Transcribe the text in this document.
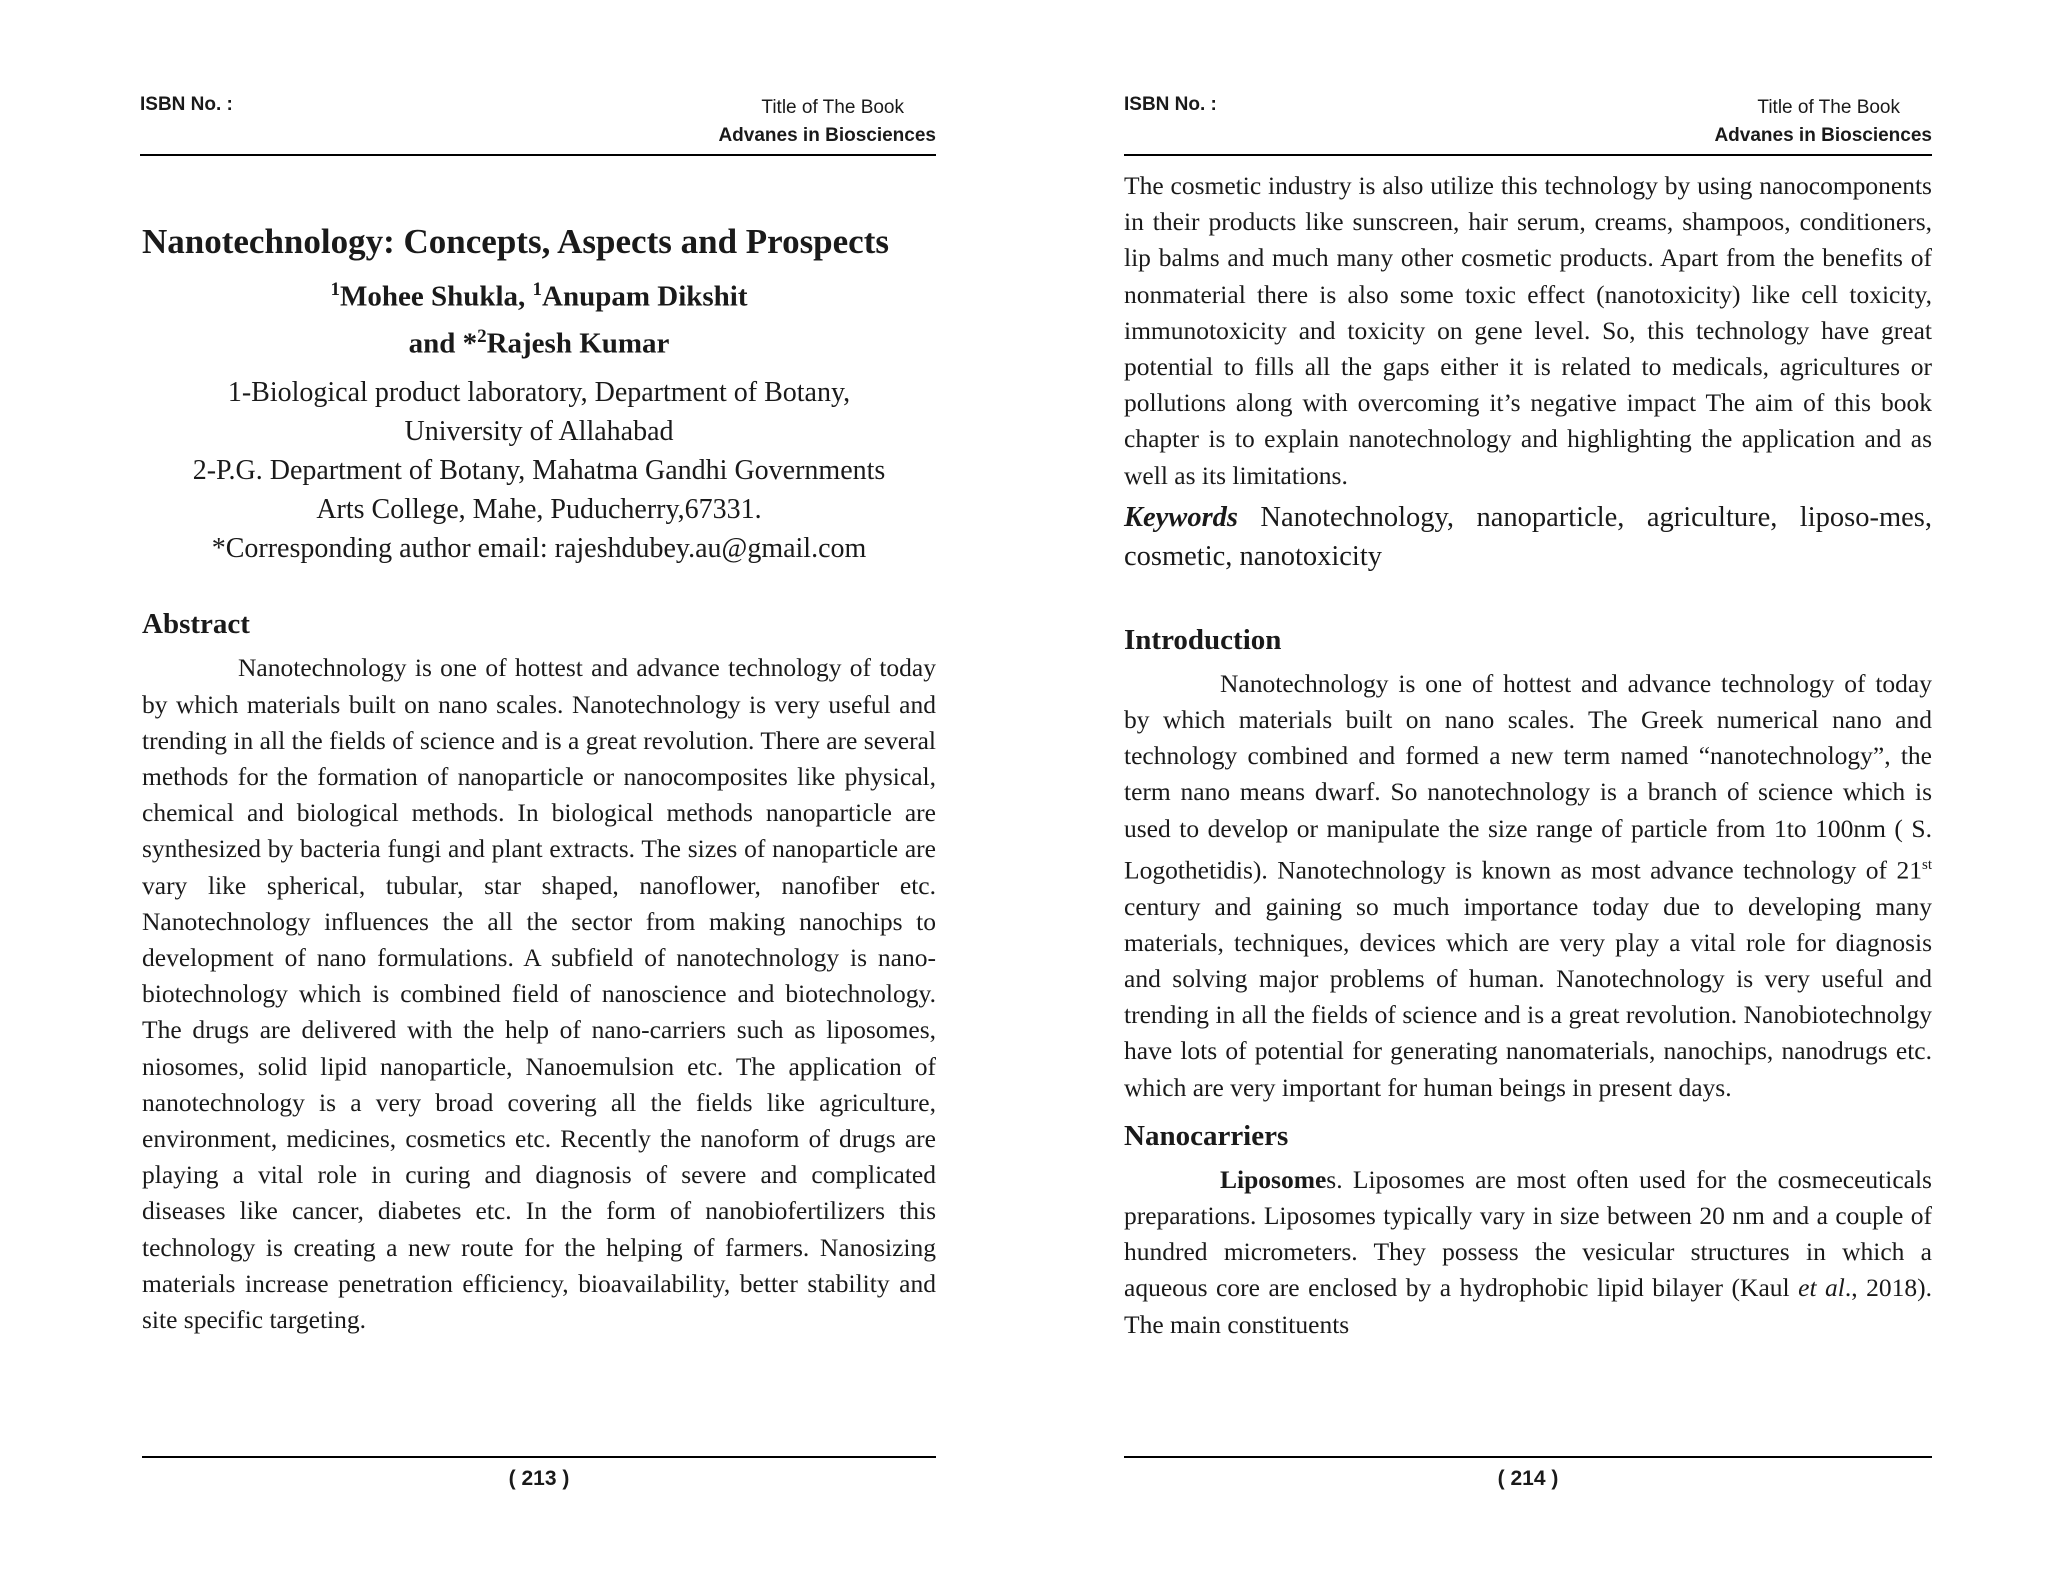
ISBN No. :	Title of The Book
Advanes in Biosciences
Nanotechnology: Concepts, Aspects and Prospects
$^1$Mohee Shukla, $^1$Anupam Dikshit
and *$^2$Rajesh Kumar
1-Biological product laboratory, Department of Botany,
University of Allahabad
2-P.G. Department of Botany, Mahatma Gandhi Governments
Arts College, Mahe, Puducherry,67331.
*Corresponding author email: rajeshdubey.au@gmail.com
Abstract

Nanotechnology is one of hottest and advance technology of today by which materials built on nano scales. Nanotechnology is very useful and trending in all the fields of science and is a great revolution. There are several methods for the formation of nanoparticle or nanocomposites like physical, chemical and biological methods. In biological methods nanoparticle are synthesized by bacteria fungi and plant extracts. The sizes of nanoparticle are vary like spherical, tubular, star shaped, nanoflower, nanofiber etc. Nanotechnology influences the all the sector from making nanochips to development of nano formulations. A subfield of nanotechnology is nano-biotechnology which is combined field of nanoscience and biotechnology. The drugs are delivered with the help of nano-carriers such as liposomes, niosomes, solid lipid nanoparticle, Nanoemulsion etc. The application of nanotechnology is a very broad covering all the fields like agriculture, environment, medicines, cosmetics etc. Recently the nanoform of drugs are playing a vital role in curing and diagnosis of severe and complicated diseases like cancer, diabetes etc. In the form of nanobiofertilizers this technology is creating a new route for the helping of farmers. Nanosizing materials increase penetration efficiency, bioavailability, better stability and site specific targeting.

( 213 )
ISBN No. :	Title of The Book
Advanes in Biosciences

The cosmetic industry is also utilize this technology by using nanocomponents in their products like sunscreen, hair serum, creams, shampoos, conditioners, lip balms and much many other cosmetic products. Apart from the benefits of nonmaterial there is also some toxic effect (nanotoxicity) like cell toxicity, immunotoxicity and toxicity on gene level. So, this technology have great potential to fills all the gaps either it is related to medicals, agricultures or pollutions along with overcoming it’s negative impact The aim of this book chapter is to explain nanotechnology and highlighting the application and as well as its limitations.

Keywords Nanotechnology, nanoparticle, agriculture, liposo-mes, cosmetic, nanotoxicity

Introduction

Nanotechnology is one of hottest and advance technology of today by which materials built on nano scales. The Greek numerical nano and technology combined and formed a new term named “nanotechnology”, the term nano means dwarf. So nanotechnology is a branch of science which is used to develop or manipulate the size range of particle from 1to 100nm ( S. Logothetidis). Nanotechnology is known as most advance technology of 21st century and gaining so much importance today due to developing many materials, techniques, devices which are very play a vital role for diagnosis and solving major problems of human. Nanotechnology is very useful and trending in all the fields of science and is a great revolution. Nanobiotechnolgy have lots of potential for generating nanomaterials, nanochips, nanodrugs etc. which are very important for human beings in present days.

Nanocarriers

Liposomes. Liposomes are most often used for the cosmeceuticals preparations. Liposomes typically vary in size between 20 nm and a couple of hundred micrometers. They possess the vesicular structures in which a aqueous core are enclosed by a hydrophobic lipid bilayer (Kaul et al., 2018). The main constituents

( 214 )
